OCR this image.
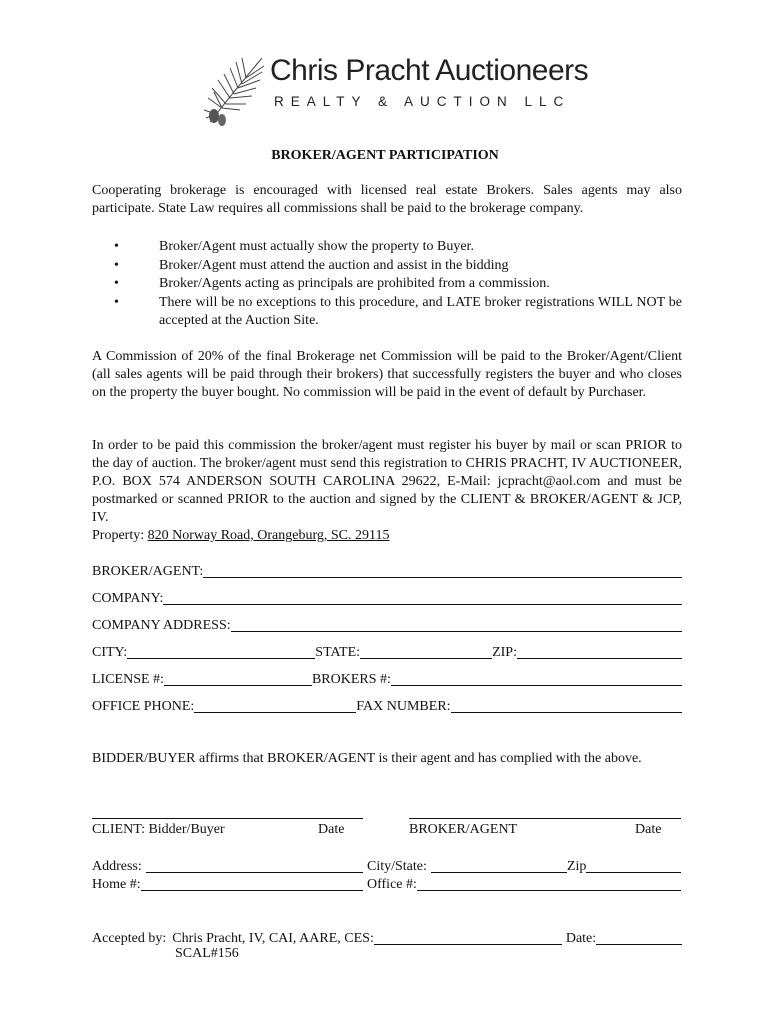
Chris Pracht Auctioneers
REALTY & AUCTION LLC
BROKER/AGENT PARTICIPATION
Cooperating brokerage is encouraged with licensed real estate Brokers. Sales agents may also participate. State Law requires all commissions shall be paid to the brokerage company.
•	Broker/Agent must actually show the property to Buyer.
•	Broker/Agent must attend the auction and assist in the bidding
•	Broker/Agents acting as principals are prohibited from a commission.
•	There will be no exceptions to this procedure, and LATE broker registrations WILL NOT be accepted at the Auction Site.
A Commission of 20% of the final Brokerage net Commission will be paid to the Broker/Agent/Client (all sales agents will be paid through their brokers) that successfully registers the buyer and who closes on the property the buyer bought. No commission will be paid in the event of default by Purchaser.
In order to be paid this commission the broker/agent must register his buyer by mail or scan PRIOR to the day of auction. The broker/agent must send this registration to CHRIS PRACHT, IV AUCTIONEER, P.O. BOX 574 ANDERSON SOUTH CAROLINA 29622, E-Mail: jcpracht@aol.com and must be postmarked or scanned PRIOR to the auction and signed by the CLIENT & BROKER/AGENT & JCP, IV.
Property: 820 Norway Road, Orangeburg, SC. 29115
BROKER/AGENT:
COMPANY:
COMPANY ADDRESS:
CITY:	STATE:	ZIP:
LICENSE #:	BROKERS #:
OFFICE PHONE:	FAX NUMBER:
BIDDER/BUYER affirms that BROKER/AGENT is their agent and has complied with the above.
CLIENT: Bidder/Buyer	Date	BROKER/AGENT	Date
Address:	City/State:	Zip
Home #:	Office #:
Accepted by: Chris Pracht, IV, CAI, AARE, CES:	Date:
SCAL#156
